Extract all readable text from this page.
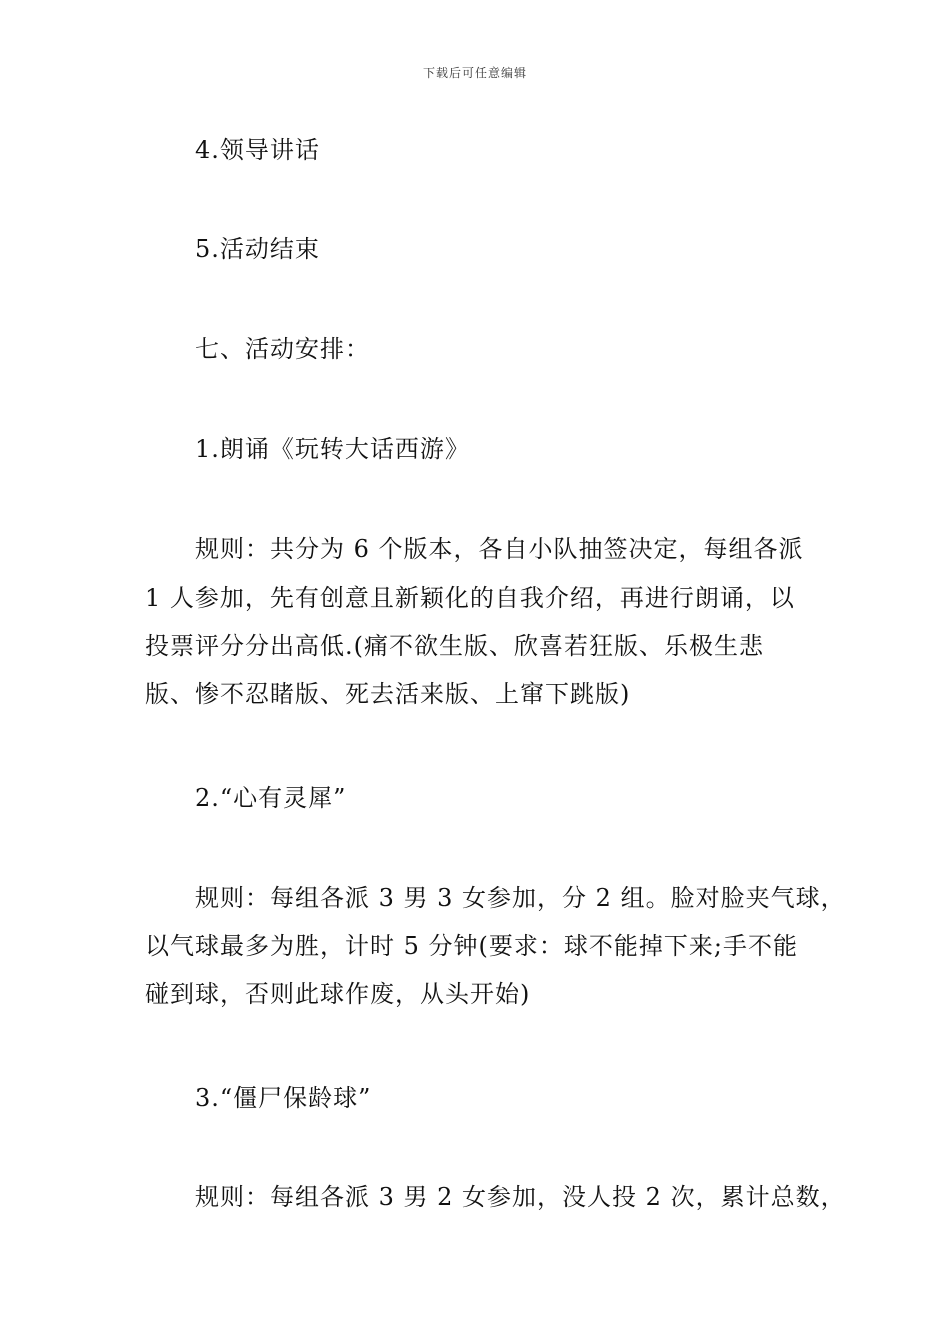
下载后可任意编辑
4.领导讲话
5.活动结束
七、活动安排：
1.朗诵《玩转大话西游》
规则：共分为 6 个版本，各自小队抽签决定，每组各派
1 人参加，先有创意且新颖化的自我介绍，再进行朗诵，以
投票评分分出高低.(痛不欲生版、欣喜若狂版、乐极生悲
版、惨不忍睹版、死去活来版、上窜下跳版)
2.“心有灵犀”
规则：每组各派 3 男 3 女参加，分 2 组。脸对脸夹气球，
以气球最多为胜，计时 5 分钟(要求：球不能掉下来;手不能
碰到球，否则此球作废，从头开始)
3.“僵尸保龄球”
规则：每组各派 3 男 2 女参加，没人投 2 次，累计总数，
